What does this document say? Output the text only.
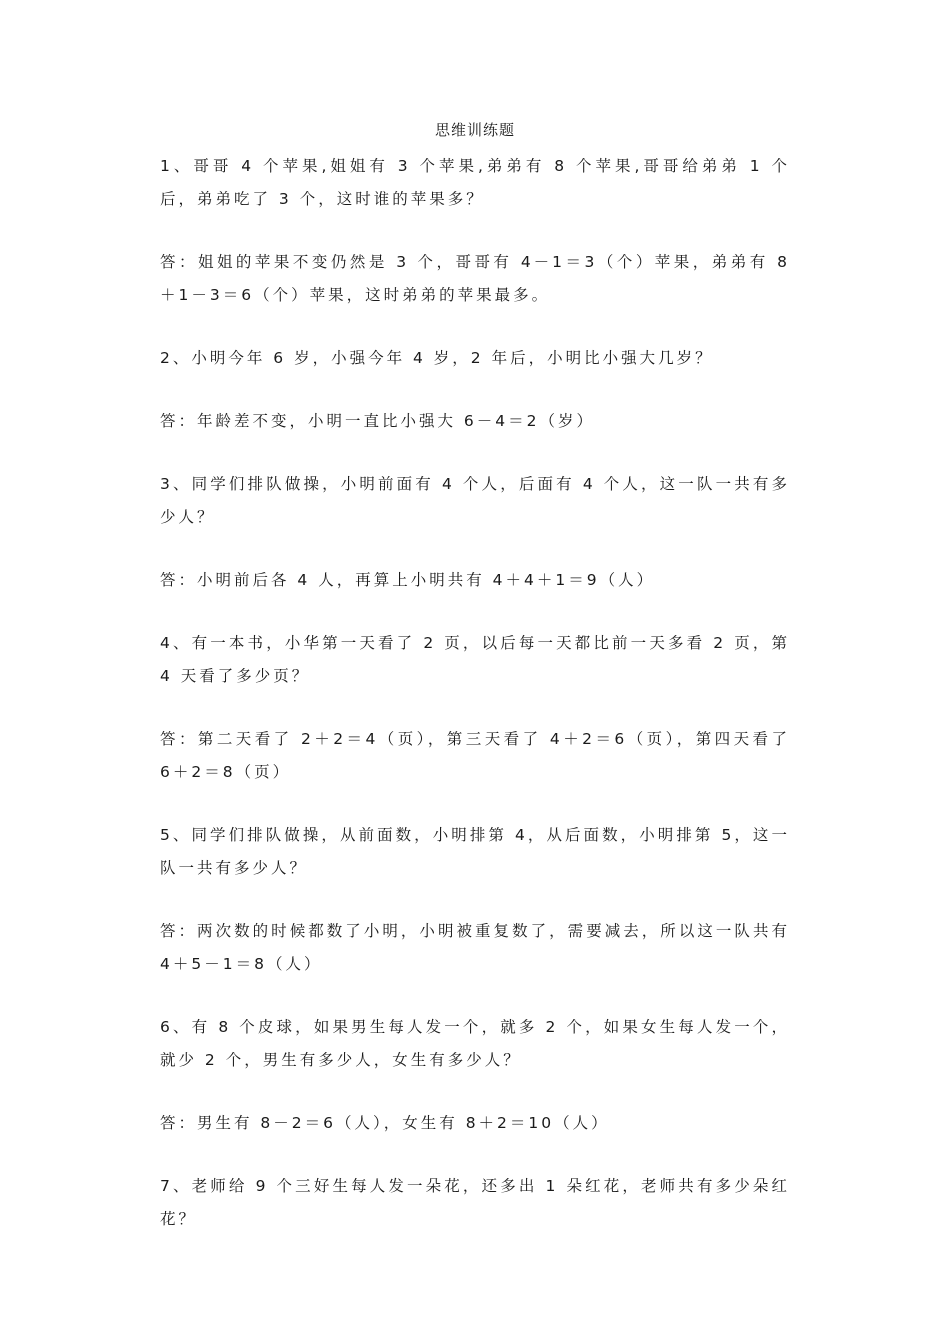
思维训练题

1、哥哥 4 个苹果,姐姐有 3 个苹果,弟弟有 8 个苹果,哥哥给弟弟 1 个后，弟弟吃了 3 个，这时谁的苹果多？

答：姐姐的苹果不变仍然是 3 个，哥哥有 4－1＝3（个）苹果，弟弟有 8＋1－3＝6（个）苹果，这时弟弟的苹果最多。

2、小明今年 6 岁，小强今年 4 岁，2 年后，小明比小强大几岁？

答：年龄差不变，小明一直比小强大 6－4＝2（岁）

3、同学们排队做操，小明前面有 4 个人，后面有 4 个人，这一队一共有多少人？

答：小明前后各 4 人，再算上小明共有 4＋4＋1＝9（人）

4、有一本书，小华第一天看了 2 页，以后每一天都比前一天多看 2 页，第 4 天看了多少页？

答：第二天看了 2＋2＝4（页），第三天看了 4＋2＝6（页），第四天看了 6＋2＝8（页）

5、同学们排队做操，从前面数，小明排第 4，从后面数，小明排第 5，这一队一共有多少人？

答：两次数的时候都数了小明，小明被重复数了，需要减去，所以这一队共有 4＋5－1＝8（人）

6、有 8 个皮球，如果男生每人发一个，就多 2 个，如果女生每人发一个，就少 2 个，男生有多少人，女生有多少人？

答：男生有 8－2＝6（人），女生有 8＋2＝10（人）

7、老师给 9 个三好生每人发一朵花，还多出 1 朵红花，老师共有多少朵红花？
